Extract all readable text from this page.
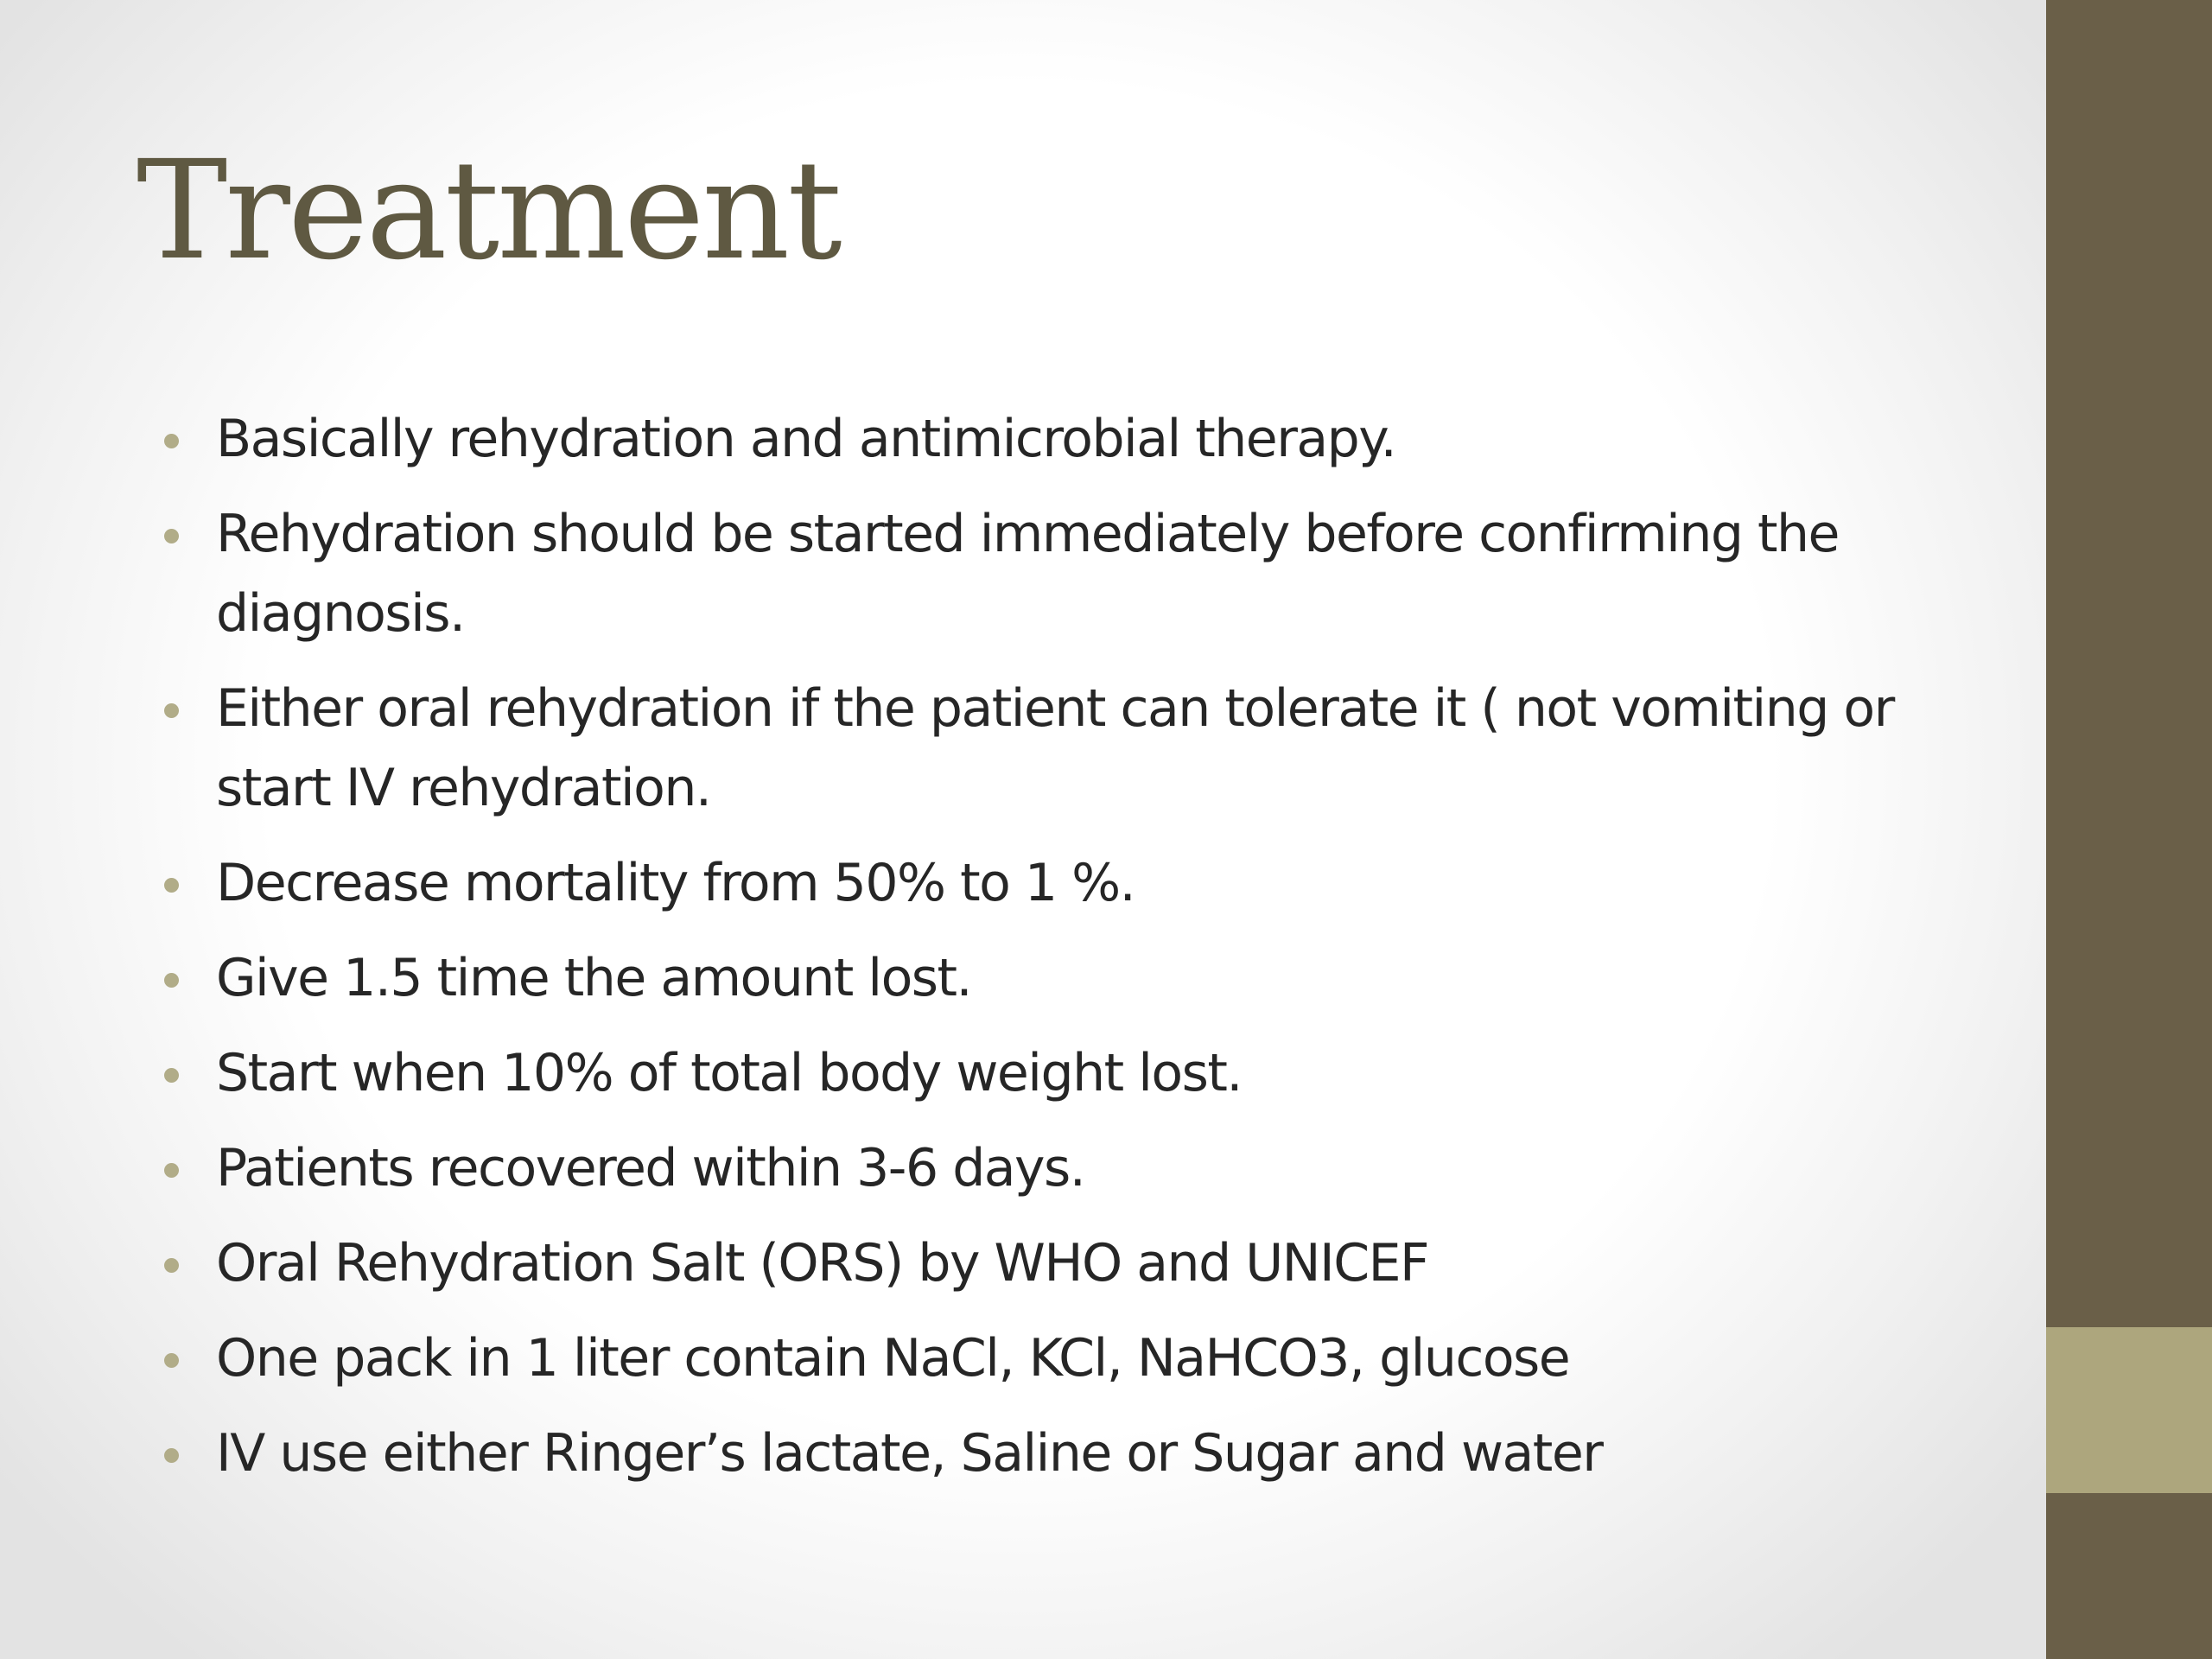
Treatment
Basically rehydration and antimicrobial therapy.
Rehydration should be started immediately before confirming the diagnosis.
Either oral rehydration if the patient can tolerate it ( not vomiting or start IV rehydration.
Decrease mortality from 50% to 1 %.
Give 1.5 time the amount lost.
Start when 10% of total body weight lost.
Patients recovered within 3-6 days.
Oral Rehydration Salt (ORS) by WHO and UNICEF
One pack in 1 liter contain NaCl, KCl, NaHCO3, glucose
IV use either Ringer’s lactate, Saline or Sugar and water
